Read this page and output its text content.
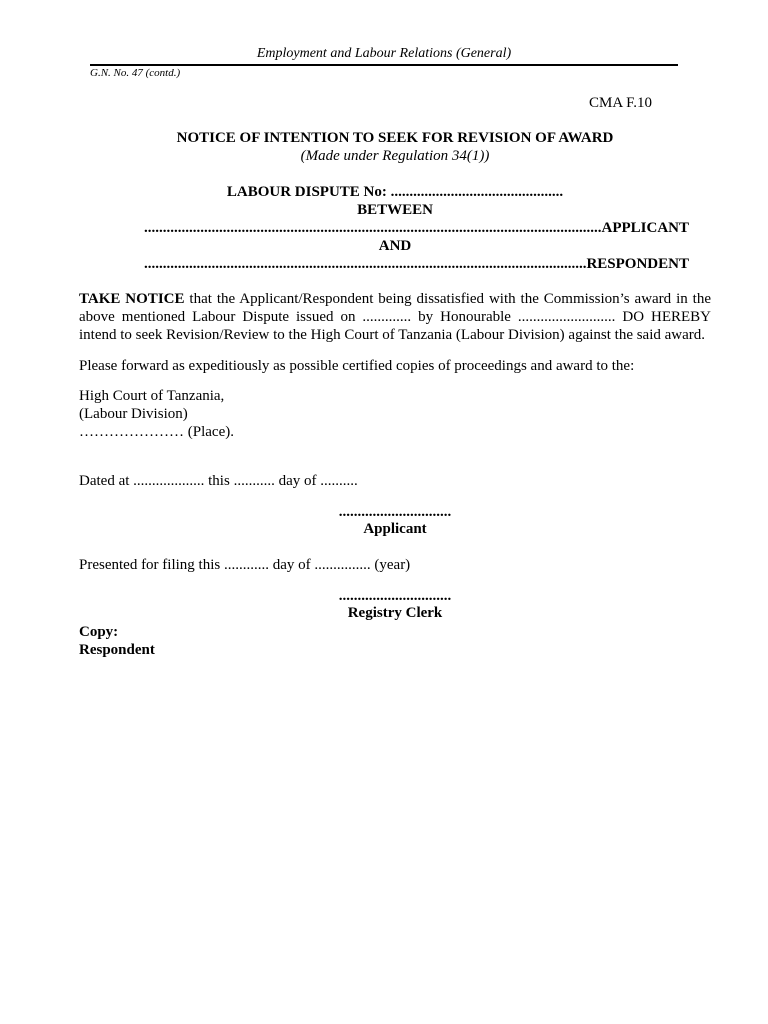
Employment and Labour Relations (General)
G.N. No. 47 (contd.)
CMA F.10
NOTICE OF INTENTION TO SEEK FOR REVISION OF AWARD
(Made under Regulation 34(1))
LABOUR DISPUTE No: ..............................................
BETWEEN
..........................................................................................................................APPLICANT
AND
......................................................................................................................RESPONDENT
TAKE NOTICE that the Applicant/Respondent being dissatisfied with the Commission’s award in the above mentioned Labour Dispute issued on ............. by Honourable .......................... DO HEREBY intend to seek Revision/Review to the High Court of Tanzania (Labour Division) against the said award.
Please forward as expeditiously as possible certified copies of proceedings and award to the:
High Court of Tanzania,
(Labour Division)
………………… (Place).
Dated at ................... this ........... day of ..........
..............................
Applicant
Presented for filing this ............ day of ............... (year)
..............................
Registry Clerk
Copy:
Respondent
